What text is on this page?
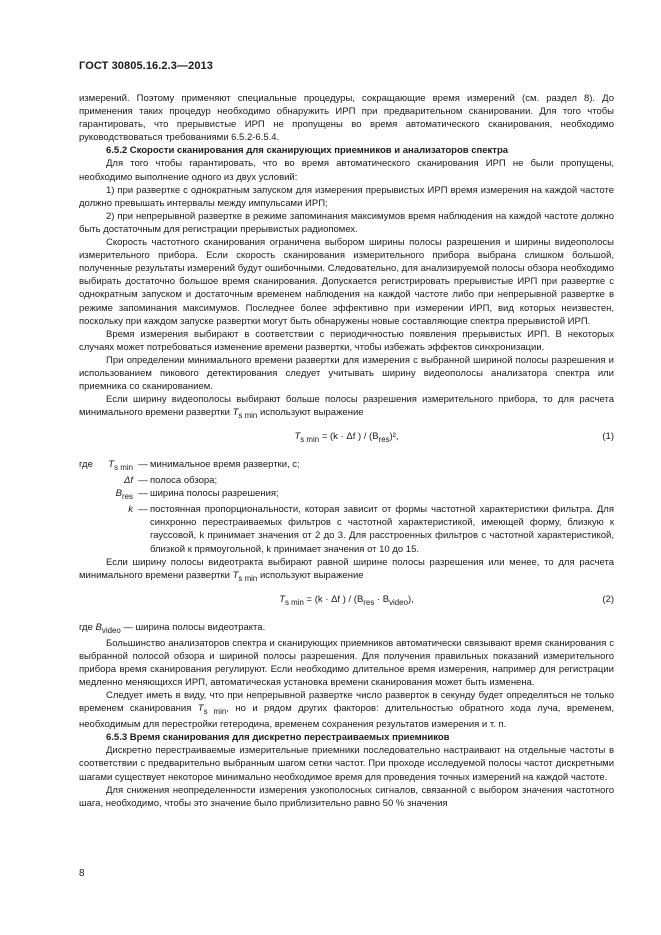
ГОСТ 30805.16.2.3—2013

измерений. Поэтому применяют специальные процедуры, сокращающие время измерений (см. раздел 8). До применения таких процедур необходимо обнаружить ИРП при предварительном сканировании. Для того чтобы гарантировать, что прерывистые ИРП не пропущены во время автоматического сканирования, необходимо руководствоваться требованиями 6.5.2-6.5.4.

6.5.2 Скорости сканирования для сканирующих приемников и анализаторов спектра

Для того чтобы гарантировать, что во время автоматического сканирования ИРП не были пропущены, необходимо выполнение одного из двух условий:

1) при развертке с однократным запуском для измерения прерывистых ИРП время измерения на каждой частоте должно превышать интервалы между импульсами ИРП;

2) при непрерывной развертке в режиме запоминания максимумов время наблюдения на каждой частоте должно быть достаточным для регистрации прерывистых радиопомех.

Скорость частотного сканирования ограничена выбором ширины полосы разрешения и ширины видеополосы измерительного прибора. Если скорость сканирования измерительного прибора выбрана слишком большой, полученные результаты измерений будут ошибочными. Следовательно, для анализируемой полосы обзора необходимо выбирать достаточно большое время сканирования. Допускается регистрировать прерывистые ИРП при развертке с однократным запуском и достаточным временем наблюдения на каждой частоте либо при непрерывной развертке в режиме запоминания максимумов. Последнее более эффективно при измерении ИРП, вид которых неизвестен, поскольку при каждом запуске развертки могут быть обнаружены новые составляющие спектра прерывистой ИРП.

Время измерения выбирают в соответствии с периодичностью появления прерывистых ИРП. В некоторых случаях может потребоваться изменение времени развертки, чтобы избежать эффектов синхронизации.

При определении минимального времени развертки для измерения с выбранной шириной полосы разрешения и использованием пикового детектирования следует учитывать ширину видеополосы анализатора спектра или приемника со сканированием.

Если ширину видеополосы выбирают больше полосы разрешения измерительного прибора, то для расчета минимального времени развертки $T_{s min}$ используют выражение

$T_{s min} = (k \cdot \Delta f$ ) / $(B_{res})^2$,	(1)
где $T_{s min}$ — минимальное время развертки, с;
Δf — полоса обзора;
$B_{res}$ — ширина полосы разрешения;
k — постоянная пропорциональности, которая зависит от формы частотной характеристики фильтра. Для синхронно перестраиваемых фильтров с частотной характеристикой, имеющей форму, близкую к гауссовой, k принимает значения от 2 до 3. Для расстроенных фильтров с частотной характеристикой, близкой к прямоугольной, k принимает значения от 10 до 15.

Если ширину полосы видеотракта выбирают равной ширине полосы разрешения или менее, то для расчета минимального времени развертки $T_{s min}$ используют выражение

$T_{s min} = (k \cdot \Delta f$ ) / $(B_{res} \cdot B_{video})$,	(2)

где $B_{video}$ — ширина полосы видеотракта.

Большинство анализаторов спектра и сканирующих приемников автоматически связывают время сканирования с выбранной полосой обзора и шириной полосы разрешения. Для получения правильных показаний измерительного прибора время сканирования регулируют. Если необходимо длительное время измерения, например для регистрации медленно меняющихся ИРП, автоматическая установка времени сканирования может быть изменена.

Следует иметь в виду, что при непрерывной развертке число разверток в секунду будет определяться не только временем сканирования $T_{s min}$, но и рядом других факторов: длительностью обратного хода луча, временем, необходимым для перестройки гетеродина, временем сохранения результатов измерения и т. п.

6.5.3 Время сканирования для дискретно перестраиваемых приемников

Дискретно перестраиваемые измерительные приемники последовательно настраивают на отдельные частоты в соответствии с предварительно выбранным шагом сетки частот. При проходе исследуемой полосы частот дискретными шагами существует некоторое минимально необходимое время для проведения точных измерений на каждой частоте.

Для снижения неопределенности измерения узкополосных сигналов, связанной с выбором значения частотного шага, необходимо, чтобы это значение было приблизительно равно 50 % значения

8
